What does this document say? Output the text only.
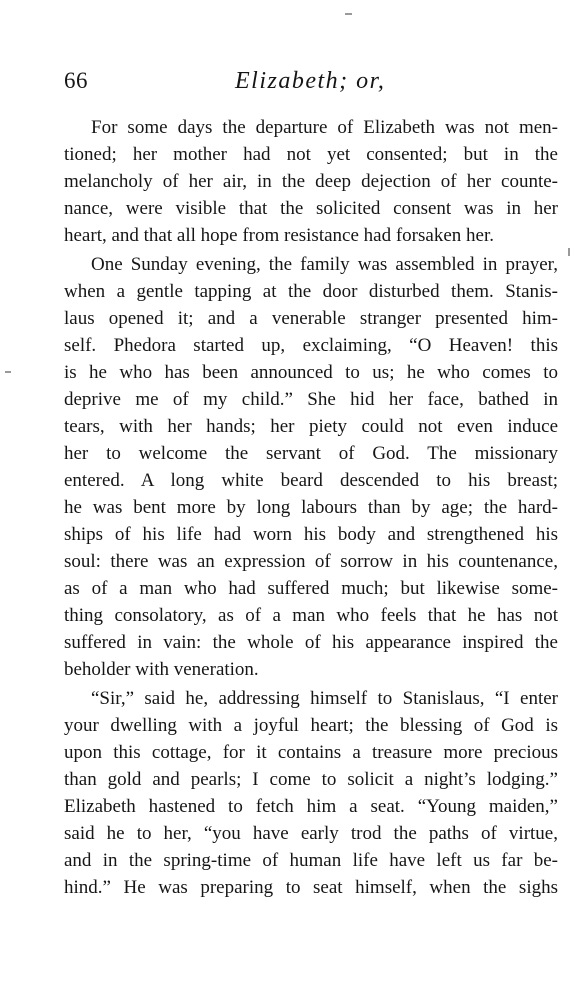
66	Elizabeth; or,
For some days the departure of Elizabeth was not men-
tioned; her mother had not yet consented; but in the
melancholy of her air, in the deep dejection of her counte-
nance, were visible that the solicited consent was in her
heart, and that all hope from resistance had forsaken her.
One Sunday evening, the family was assembled in prayer,
when a gentle tapping at the door disturbed them. Stanis-
laus opened it; and a venerable stranger presented him-
self. Phedora started up, exclaiming, “O Heaven! this
is he who has been announced to us; he who comes to
deprive me of my child.” She hid her face, bathed in
tears, with her hands; her piety could not even induce
her to welcome the servant of God. The missionary
entered. A long white beard descended to his breast;
he was bent more by long labours than by age; the hard-
ships of his life had worn his body and strengthened his
soul: there was an expression of sorrow in his countenance,
as of a man who had suffered much; but likewise some-
thing consolatory, as of a man who feels that he has not
suffered in vain: the whole of his appearance inspired the
beholder with veneration.
“Sir,” said he, addressing himself to Stanislaus, “I enter
your dwelling with a joyful heart; the blessing of God is
upon this cottage, for it contains a treasure more precious
than gold and pearls; I come to solicit a night’s lodging.”
Elizabeth hastened to fetch him a seat. “Young maiden,”
said he to her, “you have early trod the paths of virtue,
and in the spring-time of human life have left us far be-
hind.” He was preparing to seat himself, when the sighs
